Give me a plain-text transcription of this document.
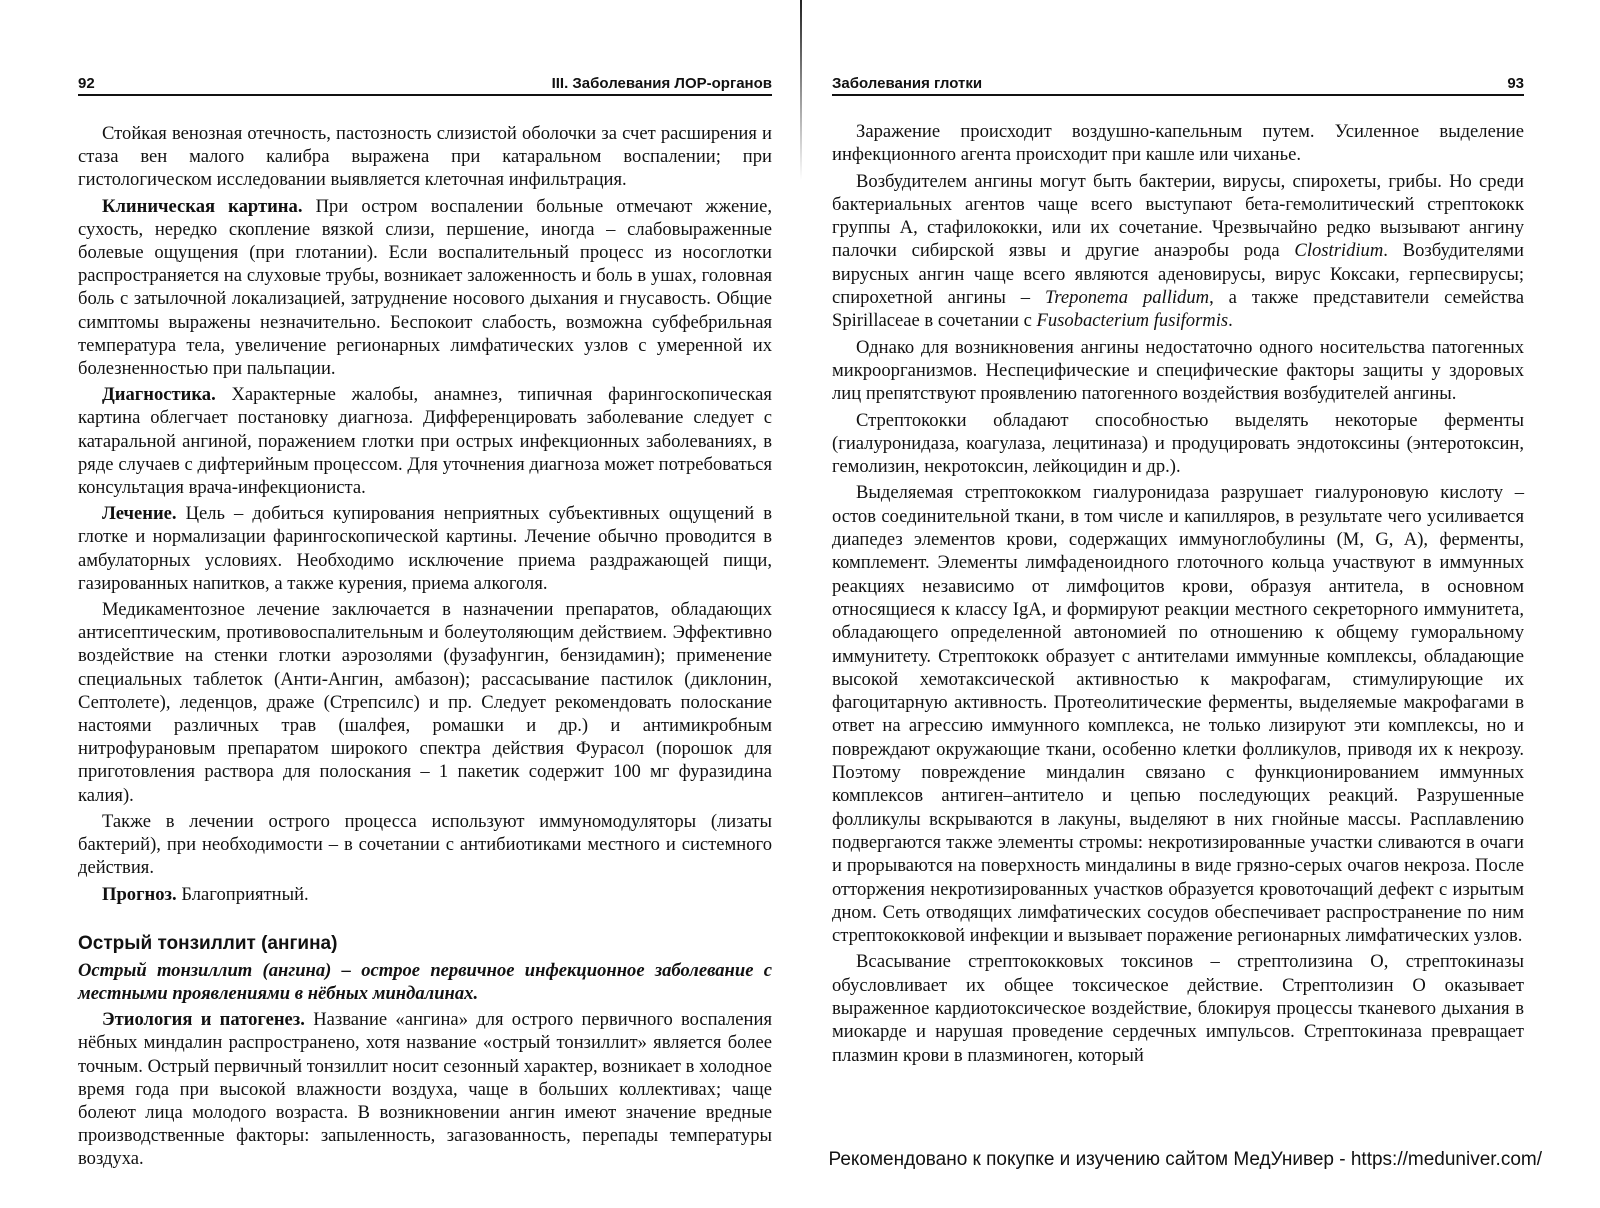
92	III. Заболевания ЛОР-органов

Стойкая венозная отечность, пастозность слизистой оболочки за счет расширения и стаза вен малого калибра выражена при катаральном воспалении; при гистологическом исследовании выявляется клеточная инфильтрация.

Клиническая картина. При остром воспалении больные отмечают жжение, сухость, нередко скопление вязкой слизи, першение, иногда – слабовыраженные болевые ощущения (при глотании). Если воспалительный процесс из носоглотки распространяется на слуховые трубы, возникает заложенность и боль в ушах, головная боль с затылочной локализацией, затруднение носового дыхания и гнусавость. Общие симптомы выражены незначительно. Беспокоит слабость, возможна субфебрильная температура тела, увеличение регионарных лимфатических узлов с умеренной их болезненностью при пальпации.

Диагностика. Характерные жалобы, анамнез, типичная фарингоскопическая картина облегчает постановку диагноза. Дифференцировать заболевание следует с катаральной ангиной, поражением глотки при острых инфекционных заболеваниях, в ряде случаев с дифтерийным процессом. Для уточнения диагноза может потребоваться консультация врача-инфекциониста.

Лечение. Цель – добиться купирования неприятных субъективных ощущений в глотке и нормализации фарингоскопической картины. Лечение обычно проводится в амбулаторных условиях. Необходимо исключение приема раздражающей пищи, газированных напитков, а также курения, приема алкоголя.

Медикаментозное лечение заключается в назначении препаратов, обладающих антисептическим, противовоспалительным и болеутоляющим действием. Эффективно воздействие на стенки глотки аэрозолями (фузафунгин, бензидамин); применение специальных таблеток (Анти-Ангин, амбазон); рассасывание пастилок (диклонин, Септолете), леденцов, драже (Стрепсилс) и пр. Следует рекомендовать полоскание настоями различных трав (шалфея, ромашки и др.) и антимикробным нитрофурановым препаратом широкого спектра действия Фурасол (порошок для приготовления раствора для полоскания – 1 пакетик содержит 100 мг фуразидина калия).

Также в лечении острого процесса используют иммуномодуляторы (лизаты бактерий), при необходимости – в сочетании с антибиотиками местного и системного действия.

Прогноз. Благоприятный.

Острый тонзиллит (ангина)

Острый тонзиллит (ангина) – острое первичное инфекционное заболевание с местными проявлениями в нёбных миндалинах.

Этиология и патогенез. Название «ангина» для острого первичного воспаления нёбных миндалин распространено, хотя название «острый тонзиллит» является более точным. Острый первичный тонзиллит носит сезонный характер, возникает в холодное время года при высокой влажности воздуха, чаще в больших коллективах; чаще болеют лица молодого возраста. В возникновении ангин имеют значение вредные производственные факторы: запыленность, загазованность, перепады температуры воздуха.

Заболевания глотки	93

Заражение происходит воздушно-капельным путем. Усиленное выделение инфекционного агента происходит при кашле или чиханье.

Возбудителем ангины могут быть бактерии, вирусы, спирохеты, грибы. Но среди бактериальных агентов чаще всего выступают бета-гемолитический стрептококк группы А, стафилококки, или их сочетание. Чрезвычайно редко вызывают ангину палочки сибирской язвы и другие анаэробы рода Clostridium. Возбудителями вирусных ангин чаще всего являются аденовирусы, вирус Коксаки, герпесвирусы; спирохетной ангины – Treponema pallidum, а также представители семейства Spirillaceae в сочетании с Fusobacterium fusiformis.

Однако для возникновения ангины недостаточно одного носительства патогенных микроорганизмов. Неспецифические и специфические факторы защиты у здоровых лиц препятствуют проявлению патогенного воздействия возбудителей ангины.

Стрептококки обладают способностью выделять некоторые ферменты (гиалуронидаза, коагулаза, лецитиназа) и продуцировать эндотоксины (энтеротоксин, гемолизин, некротоксин, лейкоцидин и др.).

Выделяемая стрептококком гиалуронидаза разрушает гиалуроновую кислоту – остов соединительной ткани, в том числе и капилляров, в результате чего усиливается диапедез элементов крови, содержащих иммуноглобулины (M, G, A), ферменты, комплемент. Элементы лимфаденоидного глоточного кольца участвуют в иммунных реакциях независимо от лимфоцитов крови, образуя антитела, в основном относящиеся к классу IgA, и формируют реакции местного секреторного иммунитета, обладающего определенной автономией по отношению к общему гуморальному иммунитету. Стрептококк образует с антителами иммунные комплексы, обладающие высокой хемотаксической активностью к макрофагам, стимулирующие их фагоцитарную активность. Протеолитические ферменты, выделяемые макрофагами в ответ на агрессию иммунного комплекса, не только лизируют эти комплексы, но и повреждают окружающие ткани, особенно клетки фолликулов, приводя их к некрозу. Поэтому повреждение миндалин связано с функционированием иммунных комплексов антиген–антитело и цепью последующих реакций. Разрушенные фолликулы вскрываются в лакуны, выделяют в них гнойные массы. Расплавлению подвергаются также элементы стромы: некротизированные участки сливаются в очаги и прорываются на поверхность миндалины в виде грязно-серых очагов некроза. После отторжения некротизированных участков образуется кровоточащий дефект с изрытым дном. Сеть отводящих лимфатических сосудов обеспечивает распространение по ним стрептококковой инфекции и вызывает поражение регионарных лимфатических узлов.

Всасывание стрептококковых токсинов – стрептолизина О, стрептокиназы обусловливает их общее токсическое действие. Стрептолизин О оказывает выраженное кардиотоксическое воздействие, блокируя процессы тканевого дыхания в миокарде и нарушая проведение сердечных импульсов. Стрептокиназа превращает плазмин крови в плазминоген, который

Рекомендовано к покупке и изучению сайтом МедУнивер - https://meduniver.com/
